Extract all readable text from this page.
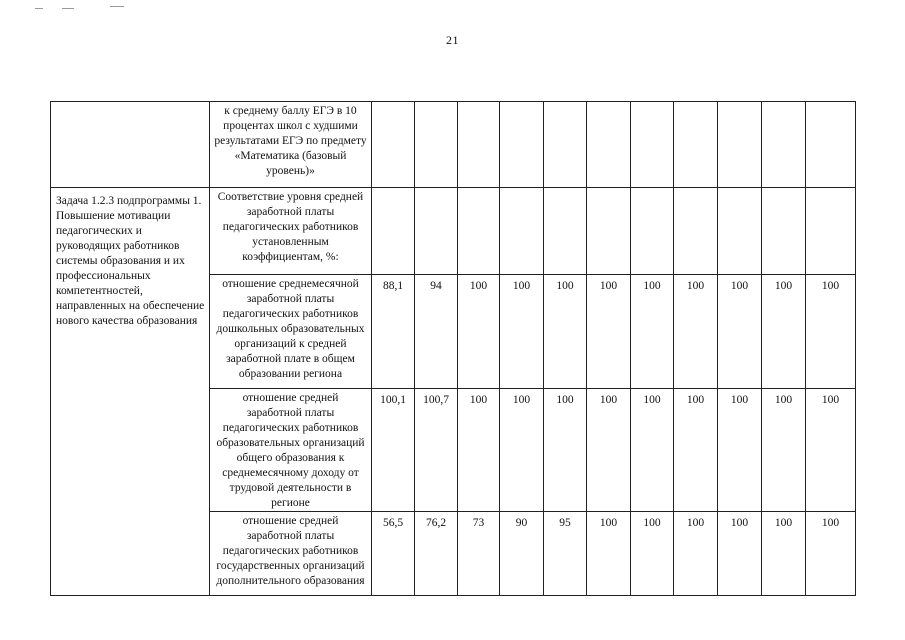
21
	к среднему баллу ЕГЭ в 10 процентах школ с худшими результатами ЕГЭ по предмету «Математика (базовый уровень)»											
Задача 1.2.3 подпрограммы 1. Повышение мотивации педагогических и руководящих работников системы образования и их профессиональных компетентностей, направленных на обеспечение нового качества образования	Соответствие уровня средней заработной платы педагогических работников установленным коэффициентам, %:											
	отношение среднемесячной заработной платы педагогических работников дошкольных образовательных организаций к средней заработной плате в общем образовании региона	88,1	94	100	100	100	100	100	100	100	100	100
	отношение средней заработной платы педагогических работников образовательных организаций общего образования к среднемесячному доходу от трудовой деятельности в регионе	100,1	100,7	100	100	100	100	100	100	100	100	100
	отношение средней заработной платы педагогических работников государственных организаций дополнительного образования	56,5	76,2	73	90	95	100	100	100	100	100	100
